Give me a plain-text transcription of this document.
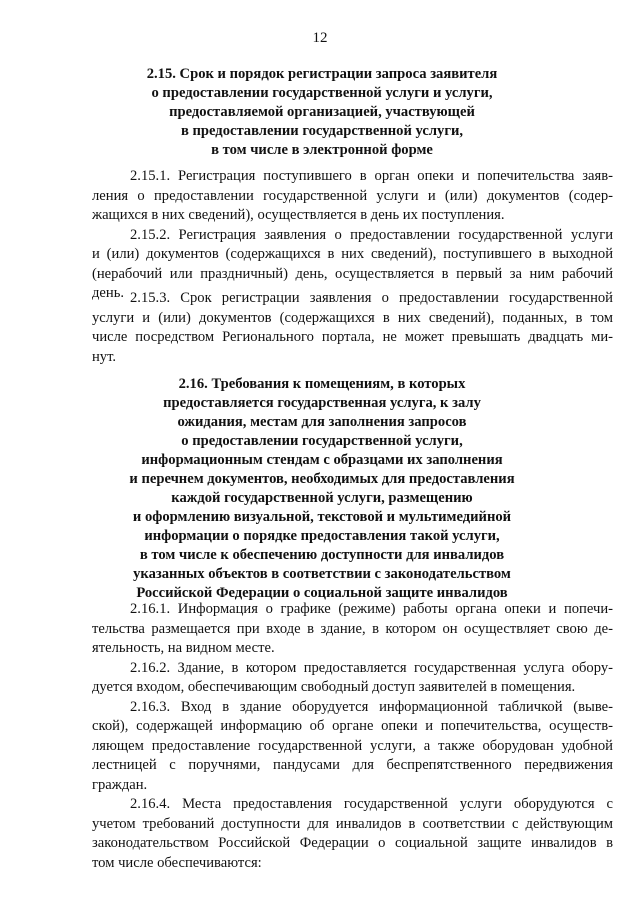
12
2.15. Срок и порядок регистрации запроса заявителя
о предоставлении государственной услуги и услуги,
предоставляемой организацией, участвующей
в предоставлении государственной услуги,
в том числе в электронной форме
2.15.1. Регистрация поступившего в орган опеки и попечительства заяв-
ления о предоставлении государственной услуги и (или) документов (содер-
жащихся в них сведений), осуществляется в день их поступления.
2.15.2. Регистрация заявления о предоставлении государственной услуги
и (или) документов (содержащихся в них сведений), поступившего в выходной
(нерабочий или праздничный) день, осуществляется в первый за ним рабочий
день. 2.15.3. Срок регистрации заявления о предоставлении государственной
услуги и (или) документов (содержащихся в них сведений), поданных, в том
числе посредством Регионального портала, не может превышать двадцать ми-
нут.
2.16. Требования к помещениям, в которых
предоставляется государственная услуга, к залу
ожидания, местам для заполнения запросов
о предоставлении государственной услуги,
информационным стендам с образцами их заполнения
и перечнем документов, необходимых для предоставления
каждой государственной услуги, размещению
и оформлению визуальной, текстовой и мультимедийной
информации о порядке предоставления такой услуги,
в том числе к обеспечению доступности для инвалидов
указанных объектов в соответствии с законодательством
Российской Федерации о социальной защите инвалидов
2.16.1. Информация о графике (режиме) работы органа опеки и попечи-
тельства размещается при входе в здание, в котором он осуществляет свою де-
ятельность, на видном месте.
2.16.2. Здание, в котором предоставляется государственная услуга обору-
дуется входом, обеспечивающим свободный доступ заявителей в помещения.
2.16.3. Вход в здание оборудуется информационной табличкой (выве-
ской), содержащей информацию об органе опеки и попечительства, осуществ-
ляющем предоставление государственной услуги, а также оборудован удобной
лестницей с поручнями, пандусами для беспрепятственного передвижения
граждан.
2.16.4. Места предоставления государственной услуги оборудуются с
учетом требований доступности для инвалидов в соответствии с действующим
законодательством Российской Федерации о социальной защите инвалидов в
том числе обеспечиваются:
